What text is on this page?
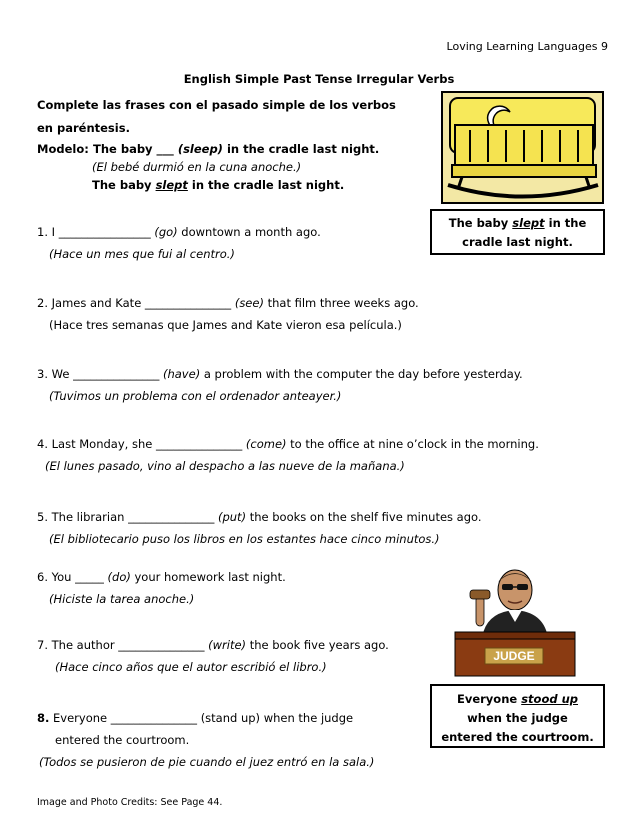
Loving Learning Languages 9
English Simple Past Tense Irregular Verbs
Complete las frases con el pasado simple de los verbos en paréntesis.
Modelo: The baby ___ (sleep) in the cradle last night.
(El bebé durmió en la cuna anoche.)
The baby slept in the cradle last night.
The baby slept in the
cradle last night.
1. I ________________ (go) downtown a month ago.
(Hace un mes que fui al centro.)
2. James and Kate _______________ (see) that film three weeks ago.
(Hace tres semanas que James and Kate vieron esa película.)
3. We _______________ (have) a problem with the computer the day before yesterday.
(Tuvimos un problema con el ordenador anteayer.)
4. Last Monday, she _______________ (come) to the office at nine o’clock in the morning.
(El lunes pasado, vino al despacho a las nueve de la mañana.)
5. The librarian _______________ (put) the books on the shelf five minutes ago.
(El bibliotecario puso los libros en los estantes hace cinco minutos.)
6. You _____ (do) your homework last night.
(Hiciste la tarea anoche.)
7. The author _______________ (write) the book five years ago.
(Hace cinco años que el autor escribió el libro.)
8. Everyone _______________ (stand up) when the judge
entered the courtroom.
(Todos se pusieron de pie cuando el juez entró en la sala.)
JUDGE
Everyone stood up
when the judge
entered the courtroom.
Image and Photo Credits: See Page 44.
